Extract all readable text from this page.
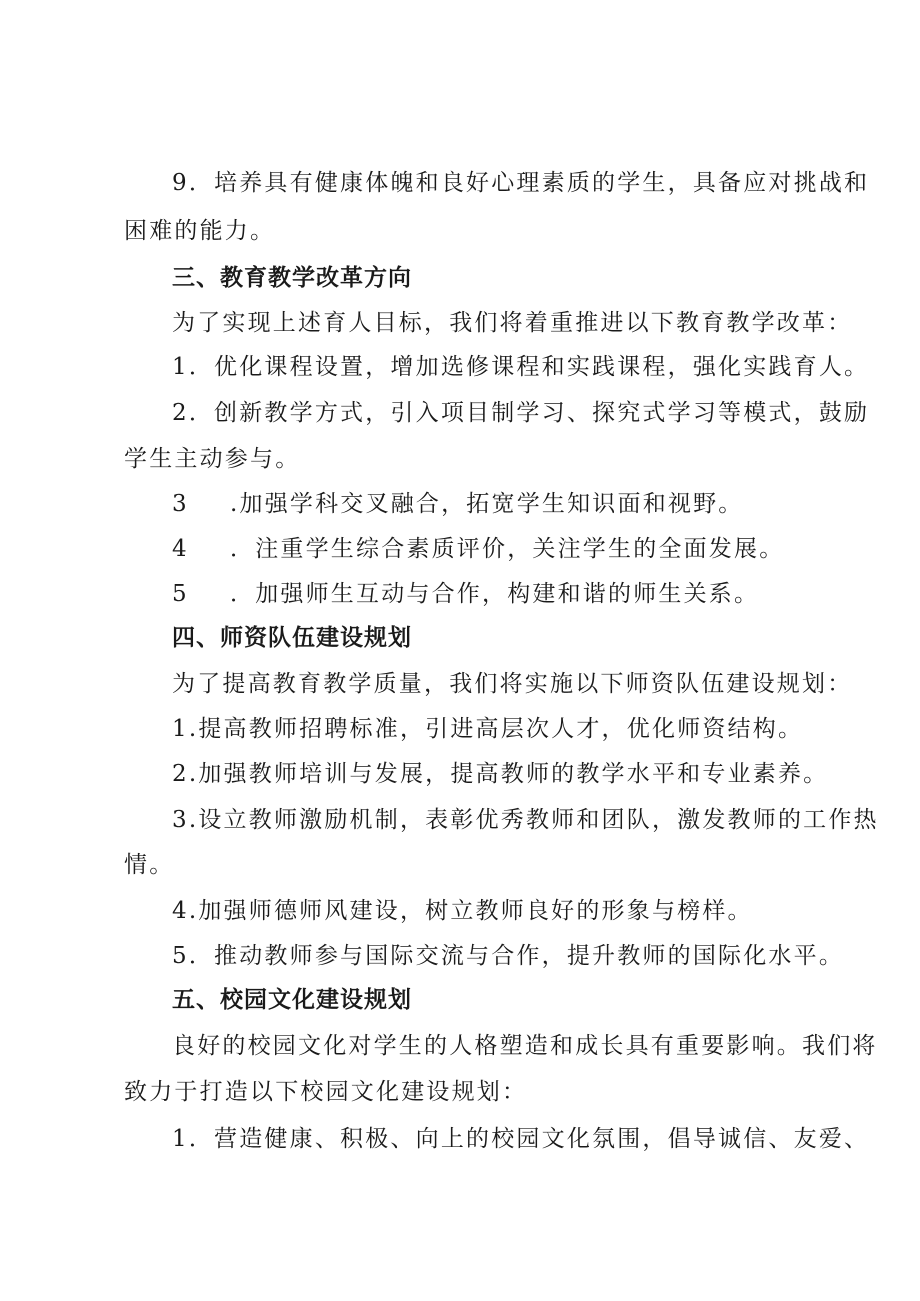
9．培养具有健康体魄和良好心理素质的学生，具备应对挑战和
困难的能力。
三、教育教学改革方向
为了实现上述育人目标，我们将着重推进以下教育教学改革：
1．优化课程设置，增加选修课程和实践课程，强化实践育人。
2．创新教学方式，引入项目制学习、探究式学习等模式，鼓励
学生主动参与。
3 .加强学科交叉融合，拓宽学生知识面和视野。
4 ．注重学生综合素质评价，关注学生的全面发展。
5 ．加强师生互动与合作，构建和谐的师生关系。
四、师资队伍建设规划
为了提高教育教学质量，我们将实施以下师资队伍建设规划：
1.提高教师招聘标准，引进高层次人才，优化师资结构。
2.加强教师培训与发展，提高教师的教学水平和专业素养。
3.设立教师激励机制，表彰优秀教师和团队，激发教师的工作热
情。
4.加强师德师风建设，树立教师良好的形象与榜样。
5．推动教师参与国际交流与合作，提升教师的国际化水平。
五、校园文化建设规划
良好的校园文化对学生的人格塑造和成长具有重要影响。我们将
致力于打造以下校园文化建设规划：
1．营造健康、积极、向上的校园文化氛围，倡导诚信、友爱、
